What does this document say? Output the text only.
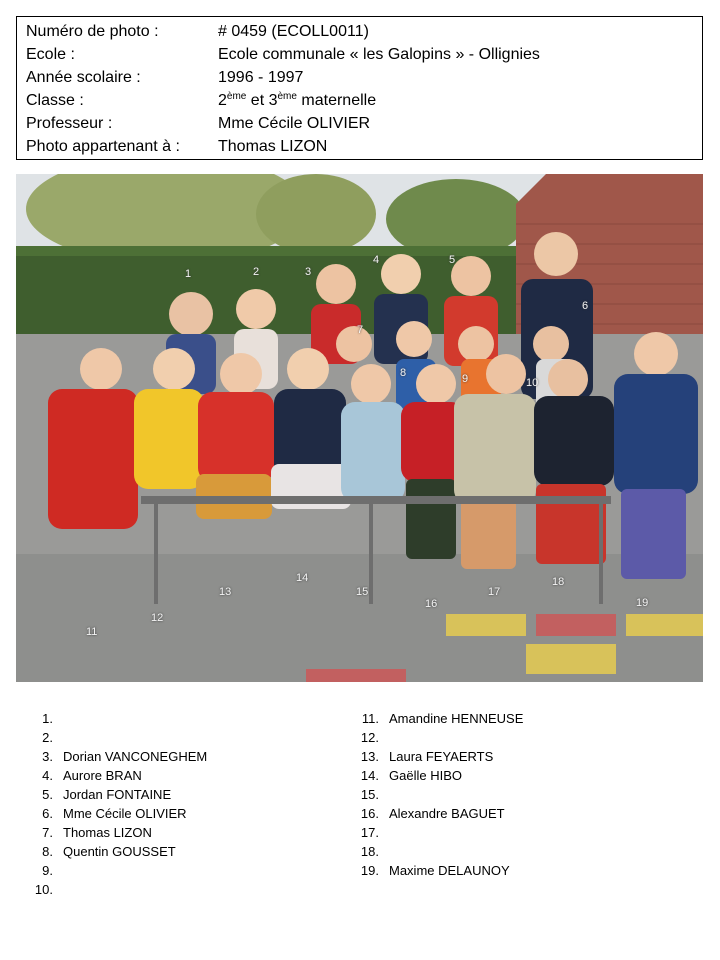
Numéro de photo :	# 0459 (ECOLL0011)
Ecole :	Ecole communale « les Galopins » - Ollignies
Année scolaire :	1996 - 1997
Classe :	2ème et 3ème maternelle
Professeur :	Mme Cécile OLIVIER
Photo appartenant à : Thomas LIZON
1	2	3
4	5
6
7
8	9	10
11
12
13
14
15
16
17
18
19
1.
2.
3. Dorian VANCONEGHEM
4. Aurore BRAN
5. Jordan FONTAINE
6. Mme Cécile OLIVIER
7. Thomas LIZON
8. Quentin GOUSSET
9.
10.
11. Amandine HENNEUSE
12.
13. Laura FEYAERTS
14. Gaëlle HIBO
15.
16. Alexandre BAGUET
17.
18.
19. Maxime DELAUNOY
